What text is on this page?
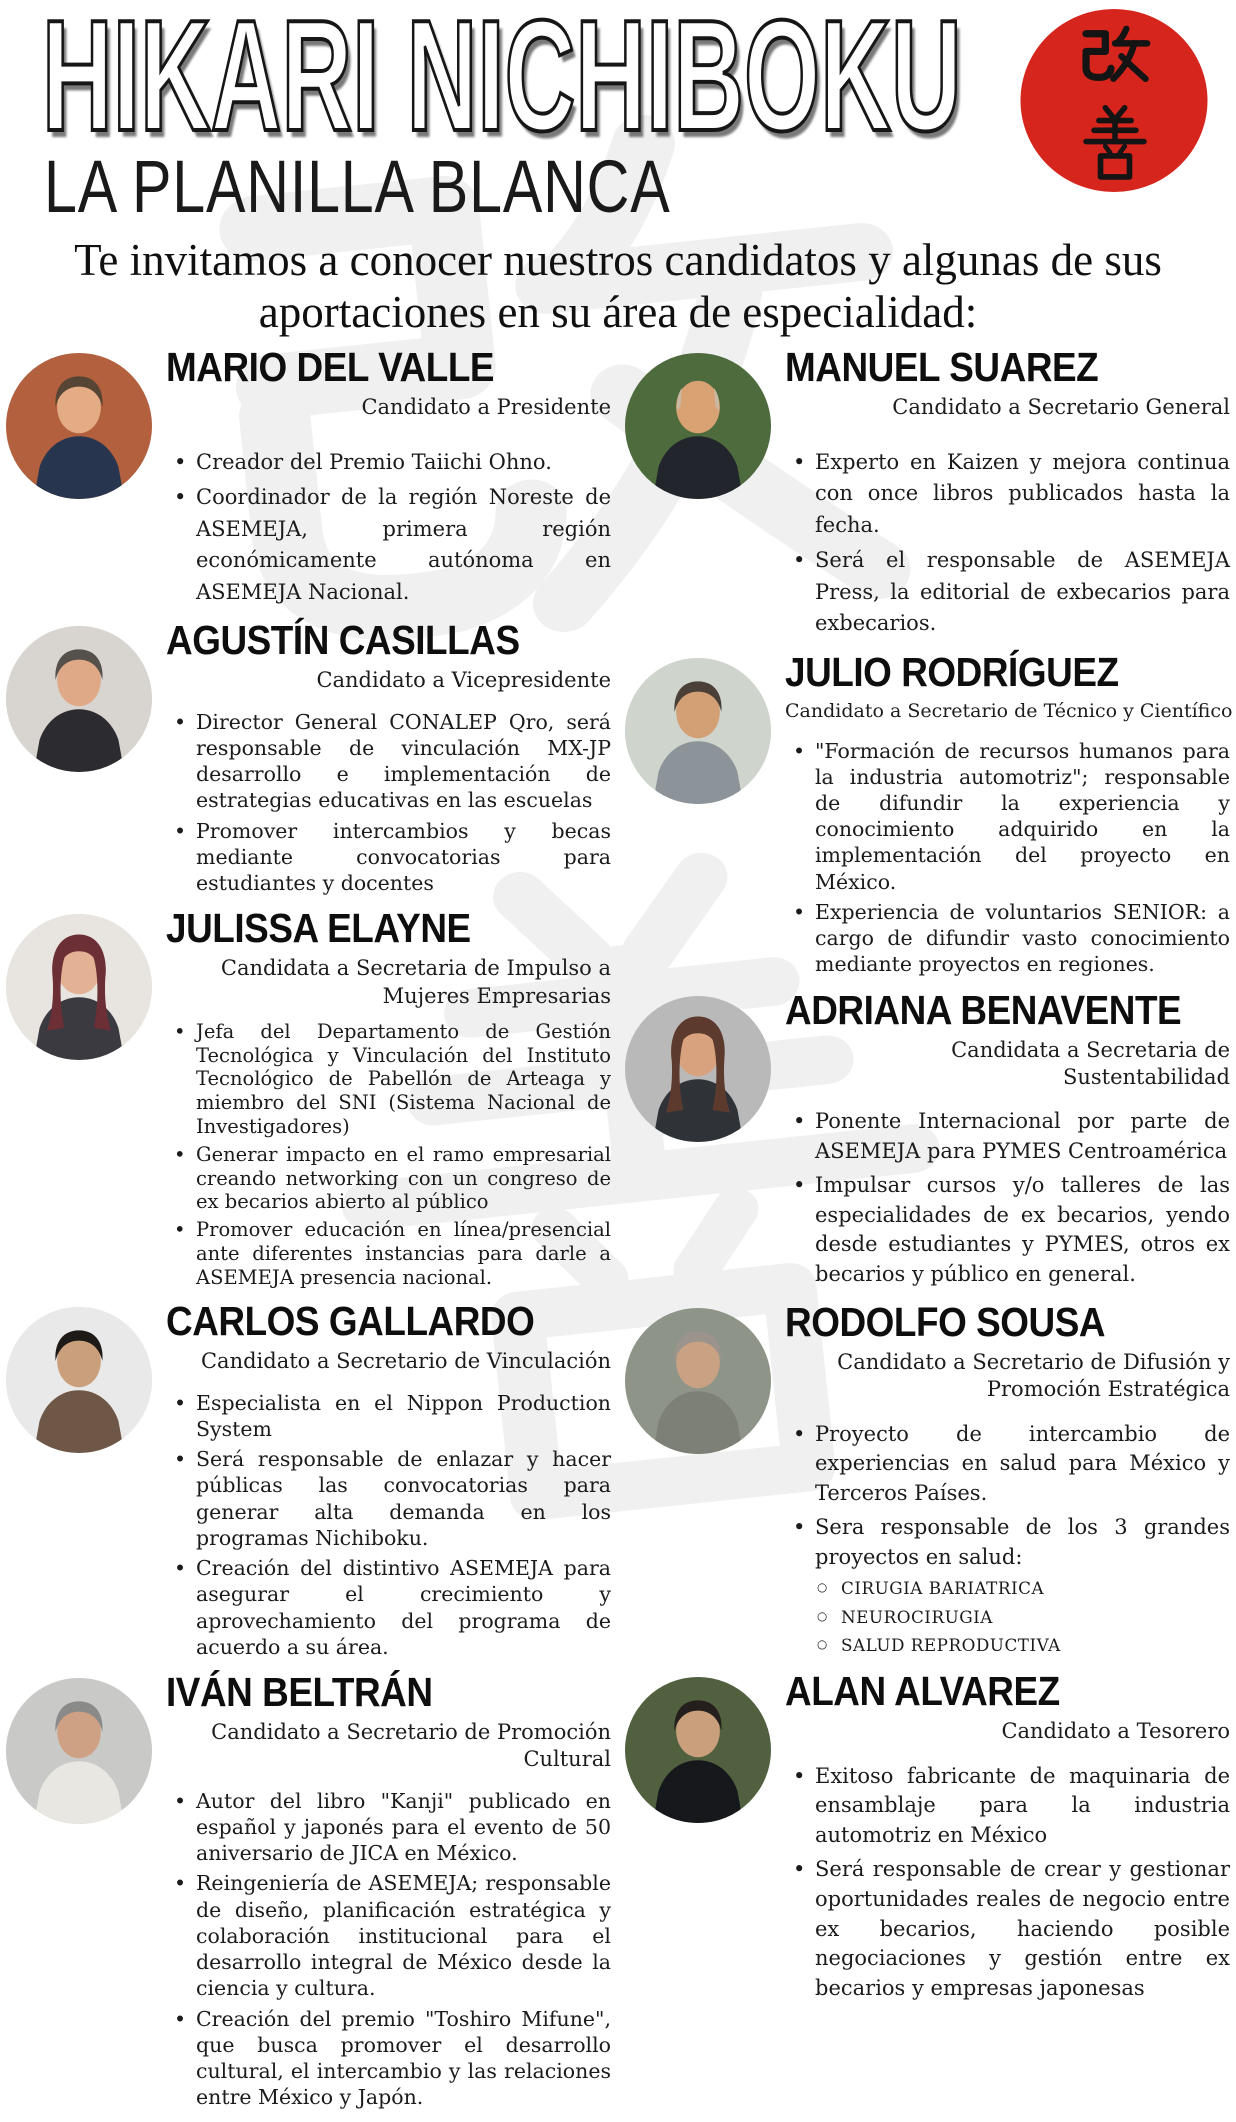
HIKARI NICHIBOKU
LA PLANILLA BLANCA
Te invitamos a conocer nuestros candidatos y algunas de sus
aportaciones en su área de especialidad:
MARIO DEL VALLE
Candidato a Presidente
• Creador del Premio Taiichi Ohno.
• Coordinador de la región Noreste de ASEMEJA, primera región económicamente autónoma en ASEMEJA Nacional.
AGUSTÍN CASILLAS
Candidato a Vicepresidente
• Director General CONALEP Qro, será responsable de vinculación MX-JP desarrollo e implementación de estrategias educativas en las escuelas
• Promover intercambios y becas mediante convocatorias para estudiantes y docentes
JULISSA ELAYNE
Candidata a Secretaria de Impulso a Mujeres Empresarias
• Jefa del Departamento de Gestión Tecnológica y Vinculación del Instituto Tecnológico de Pabellón de Arteaga y miembro del SNI (Sistema Nacional de Investigadores)
• Generar impacto en el ramo empresarial creando networking con un congreso de ex becarios abierto al público
• Promover educación en línea/presencial ante diferentes instancias para darle a ASEMEJA presencia nacional.
CARLOS GALLARDO
Candidato a Secretario de Vinculación
• Especialista en el Nippon Production System
• Será responsable de enlazar y hacer públicas las convocatorias para generar alta demanda en los programas Nichiboku.
• Creación del distintivo ASEMEJA para asegurar el crecimiento y aprovechamiento del programa de acuerdo a su área.
IVÁN BELTRÁN
Candidato a Secretario de Promoción Cultural
• Autor del libro "Kanji" publicado en español y japonés para el evento de 50 aniversario de JICA en México.
• Reingeniería de ASEMEJA; responsable de diseño, planificación estratégica y colaboración institucional para el desarrollo integral de México desde la ciencia y cultura.
• Creación del premio "Toshiro Mifune", que busca promover el desarrollo cultural, el intercambio y las relaciones entre México y Japón.
MANUEL SUAREZ
Candidato a Secretario General
• Experto en Kaizen y mejora continua con once libros publicados hasta la fecha.
• Será el responsable de ASEMEJA Press, la editorial de exbecarios para exbecarios.
JULIO RODRÍGUEZ
Candidato a Secretario de Técnico y Científico
• "Formación de recursos humanos para la industria automotriz"; responsable de difundir la experiencia y conocimiento adquirido en la implementación del proyecto en México.
• Experiencia de voluntarios SENIOR: a cargo de difundir vasto conocimiento mediante proyectos en regiones.
ADRIANA BENAVENTE
Candidata a Secretaria de Sustentabilidad
• Ponente Internacional por parte de ASEMEJA para PYMES Centroamérica
• Impulsar cursos y/o talleres de las especialidades de ex becarios, yendo desde estudiantes y PYMES, otros ex becarios y público en general.
RODOLFO SOUSA
Candidato a Secretario de Difusión y Promoción Estratégica
• Proyecto de intercambio de experiencias en salud para México y Terceros Países.
• Sera responsable de los 3 grandes proyectos en salud:
○ CIRUGIA BARIATRICA
○ NEUROCIRUGIA
○ SALUD REPRODUCTIVA
ALAN ALVAREZ
Candidato a Tesorero
• Exitoso fabricante de maquinaria de ensamblaje para la industria automotriz en México
• Será responsable de crear y gestionar oportunidades reales de negocio entre ex becarios, haciendo posible negociaciones y gestión entre ex becarios y empresas japonesas
